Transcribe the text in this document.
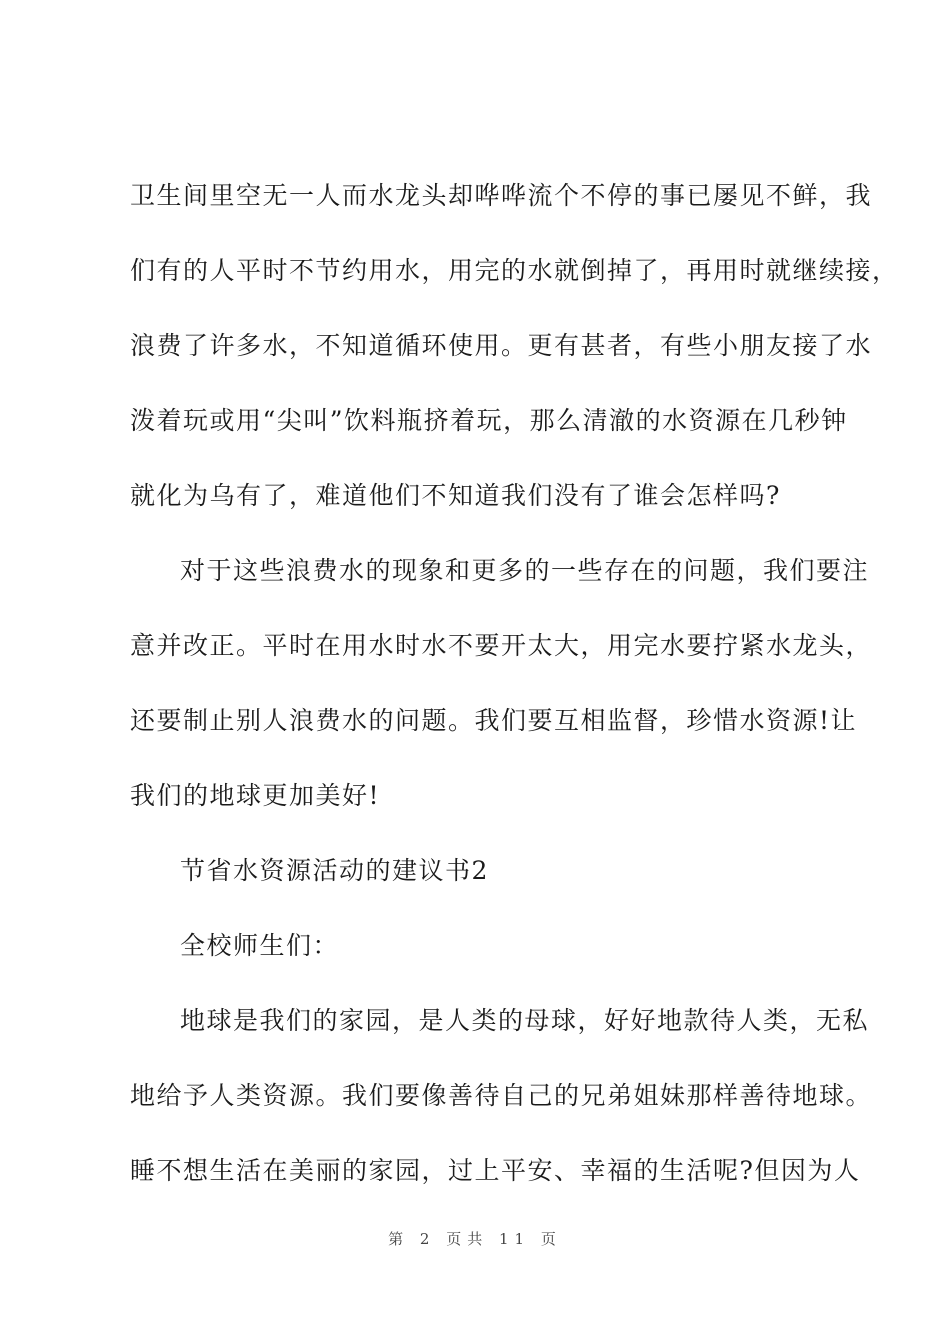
卫生间里空无一人而水龙头却哗哗流个不停的事已屡见不鲜，我
们有的人平时不节约用水，用完的水就倒掉了，再用时就继续接，
浪费了许多水，不知道循环使用。更有甚者，有些小朋友接了水
泼着玩或用“尖叫”饮料瓶挤着玩，那么清澈的水资源在几秒钟
就化为乌有了，难道他们不知道我们没有了谁会怎样吗?
对于这些浪费水的现象和更多的一些存在的问题，我们要注
意并改正。平时在用水时水不要开太大，用完水要拧紧水龙头，
还要制止别人浪费水的问题。我们要互相监督，珍惜水资源!让
我们的地球更加美好!
节省水资源活动的建议书2
全校师生们：
地球是我们的家园，是人类的母球，好好地款待人类，无私
地给予人类资源。我们要像善待自己的兄弟姐妹那样善待地球。
睡不想生活在美丽的家园，过上平安、幸福的生活呢?但因为人
第 2 页共 11 页
